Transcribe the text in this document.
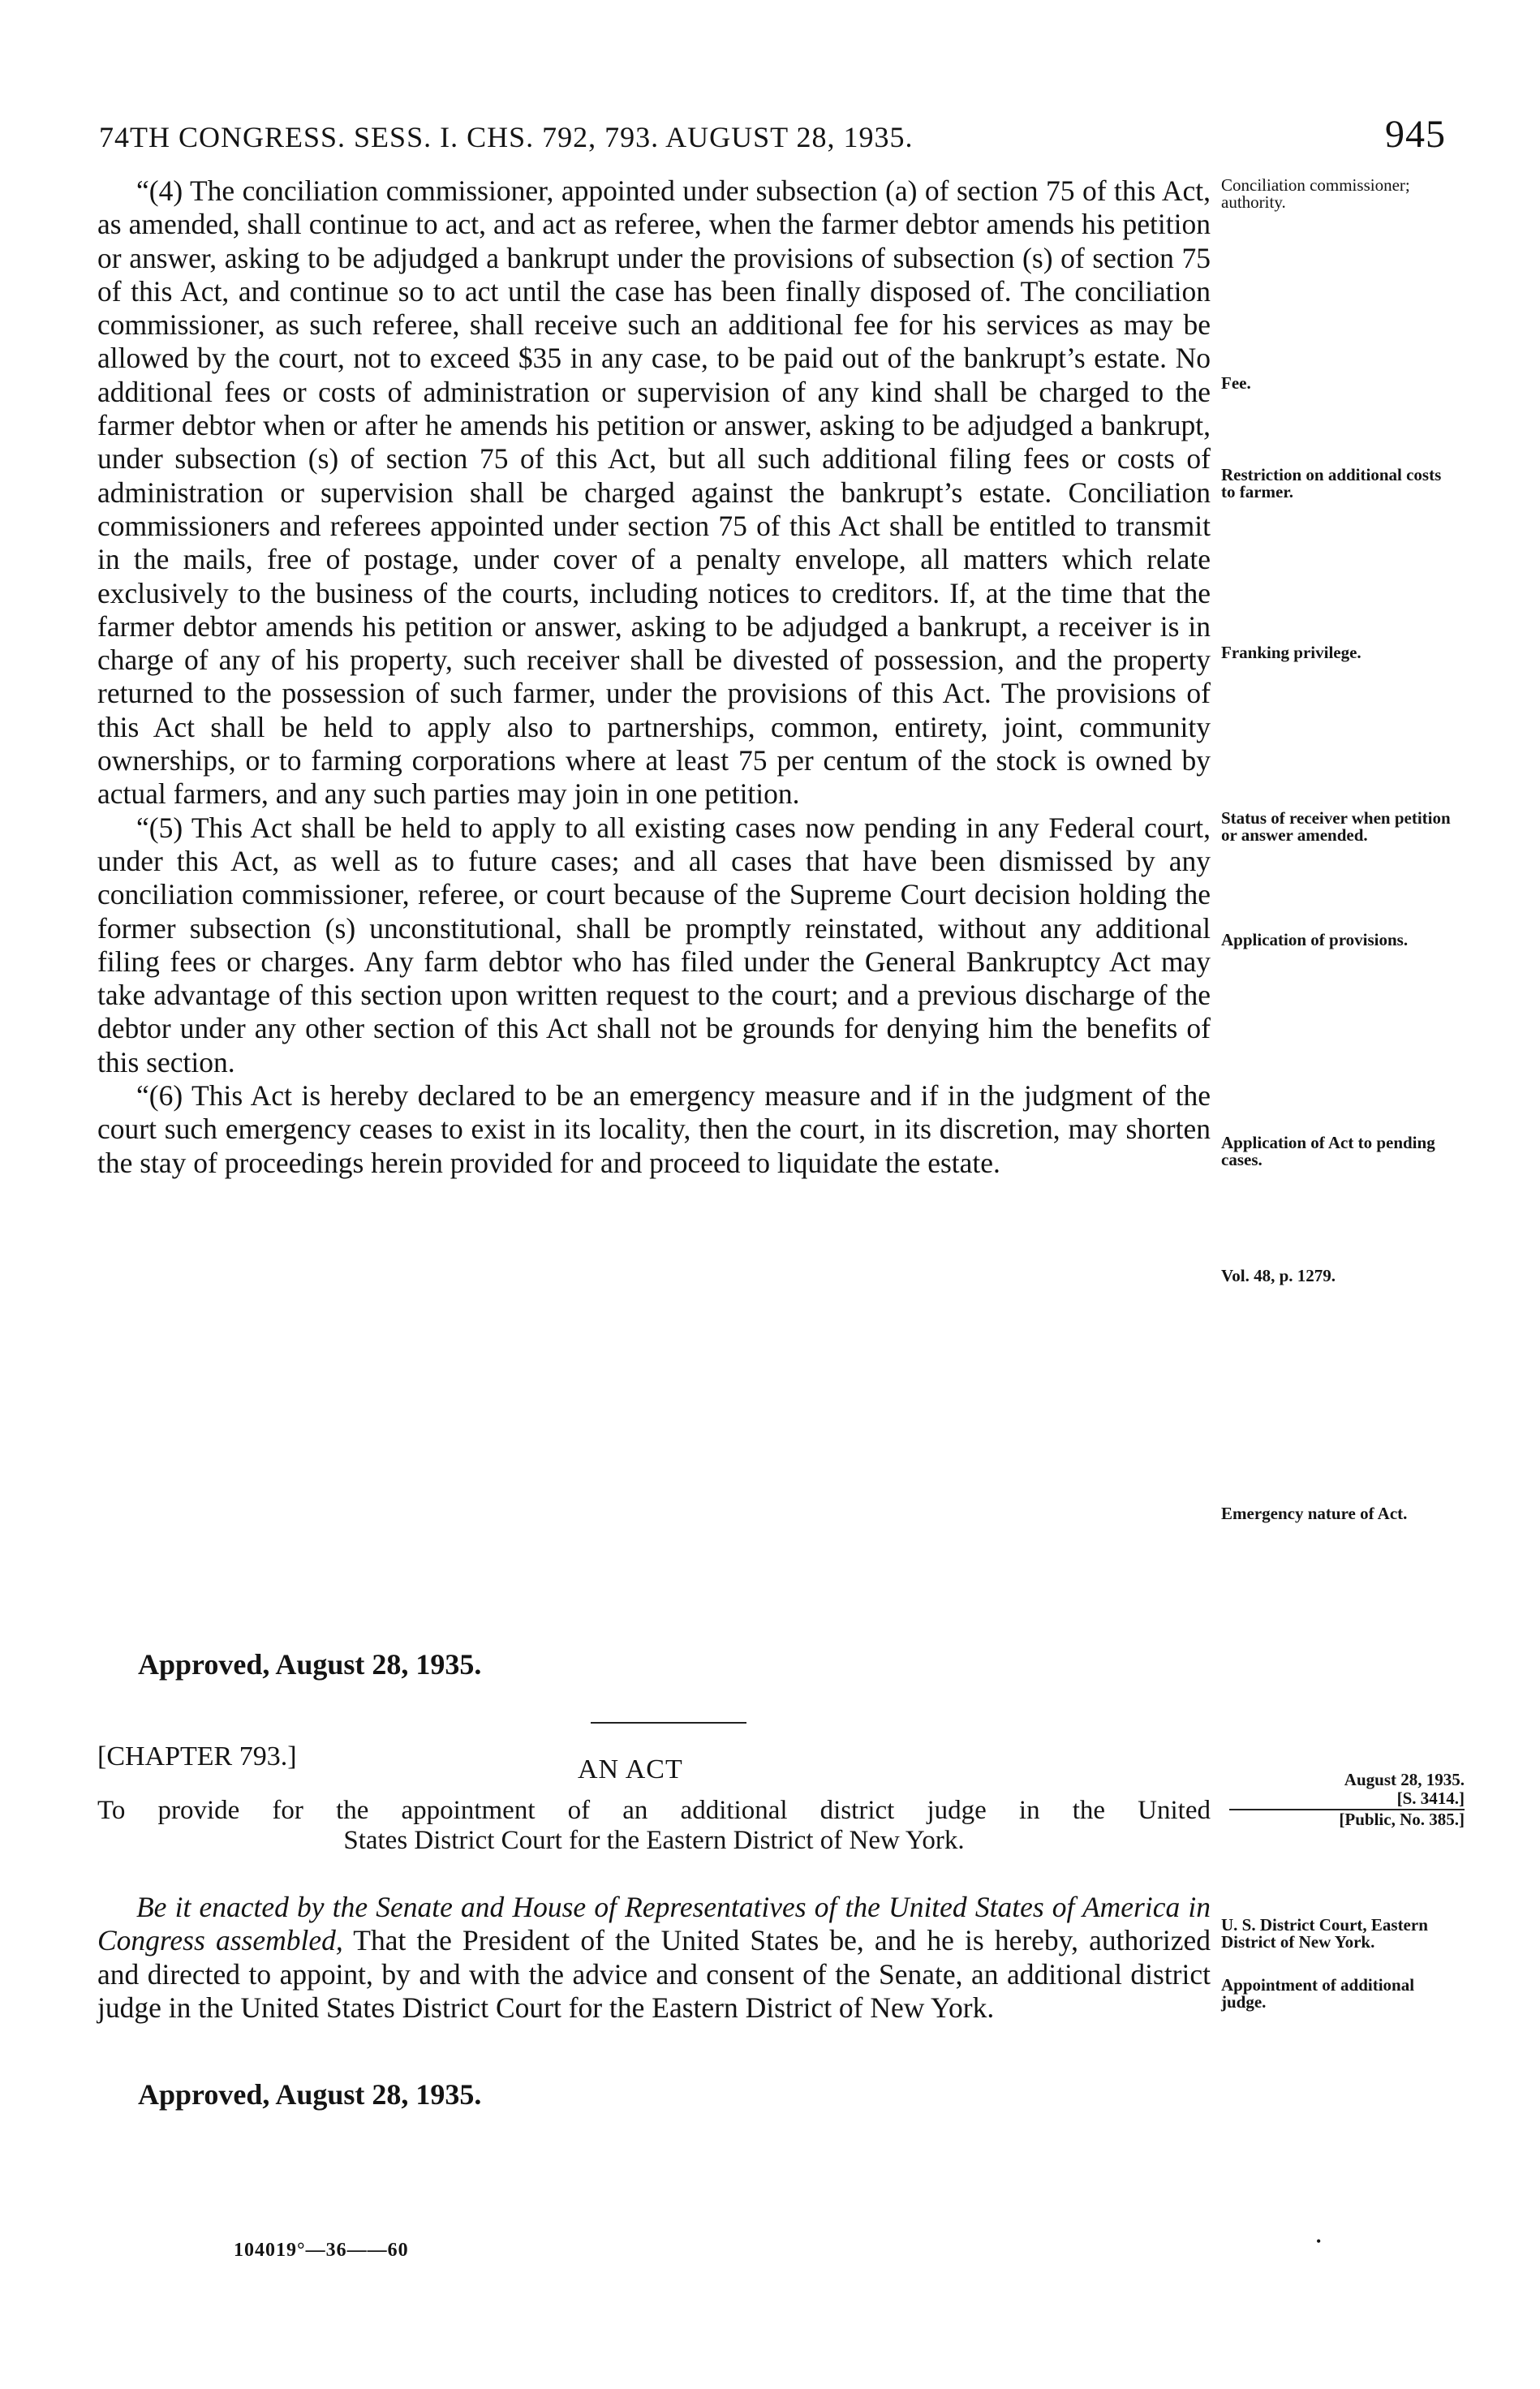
74TH CONGRESS. SESS. I. CHS. 792, 793. AUGUST 28, 1935.	945

“(4) The conciliation commissioner, appointed under subsection (a) of section 75 of this Act, as amended, shall continue to act, and act as referee, when the farmer debtor amends his petition or answer, asking to be adjudged a bankrupt under the provisions of subsection (s) of section 75 of this Act, and continue so to act until the case has been finally disposed of. The conciliation commissioner, as such referee, shall receive such an additional fee for his services as may be allowed by the court, not to exceed $35 in any case, to be paid out of the bankrupt’s estate. No additional fees or costs of administration or supervision of any kind shall be charged to the farmer debtor when or after he amends his petition or answer, asking to be adjudged a bankrupt, under subsection (s) of section 75 of this Act, but all such additional filing fees or costs of administration or supervision shall be charged against the bankrupt’s estate. Conciliation commissioners and referees appointed under section 75 of this Act shall be entitled to transmit in the mails, free of postage, under cover of a penalty envelope, all matters which relate exclusively to the business of the courts, including notices to creditors. If, at the time that the farmer debtor amends his petition or answer, asking to be adjudged a bankrupt, a receiver is in charge of any of his property, such receiver shall be divested of possession, and the property returned to the possession of such farmer, under the provisions of this Act. The provisions of this Act shall be held to apply also to partnerships, common, entirety, joint, community ownerships, or to farming corporations where at least 75 per centum of the stock is owned by actual farmers, and any such parties may join in one petition.

“(5) This Act shall be held to apply to all existing cases now pending in any Federal court, under this Act, as well as to future cases; and all cases that have been dismissed by any conciliation commissioner, referee, or court because of the Supreme Court decision holding the former subsection (s) unconstitutional, shall be promptly reinstated, without any additional filing fees or charges. Any farm debtor who has filed under the General Bankruptcy Act may take advantage of this section upon written request to the court; and a previous discharge of the debtor under any other section of this Act shall not be grounds for denying him the benefits of this section.

“(6) This Act is hereby declared to be an emergency measure and if in the judgment of the court such emergency ceases to exist in its locality, then the court, in its discretion, may shorten the stay of proceedings herein provided for and proceed to liquidate the estate.

Approved, August 28, 1935.
[CHAPTER 793.]	AN ACT
To provide for the appointment of an additional district judge in the United
States District Court for the Eastern District of New York.

Be it enacted by the Senate and House of Representatives of the United States of America in Congress assembled, That the President of the United States be, and he is hereby, authorized and directed to appoint, by and with the advice and consent of the Senate, an additional district judge in the United States District Court for the Eastern District of New York.

Approved, August 28, 1935.
Conciliation commissioner; authority.
Fee.
Restriction on additional costs to farmer.
Franking privilege.
Status of receiver when petition or answer amended.
Application of provisions.
Application of Act to pending cases.
Vol. 48, p. 1279.
Emergency nature of Act.
August 28, 1935.
[S. 3414.]
[Public, No. 385.]
U. S. District Court, Eastern District of New York.
Appointment of additional judge.
104019°—36——60	•
